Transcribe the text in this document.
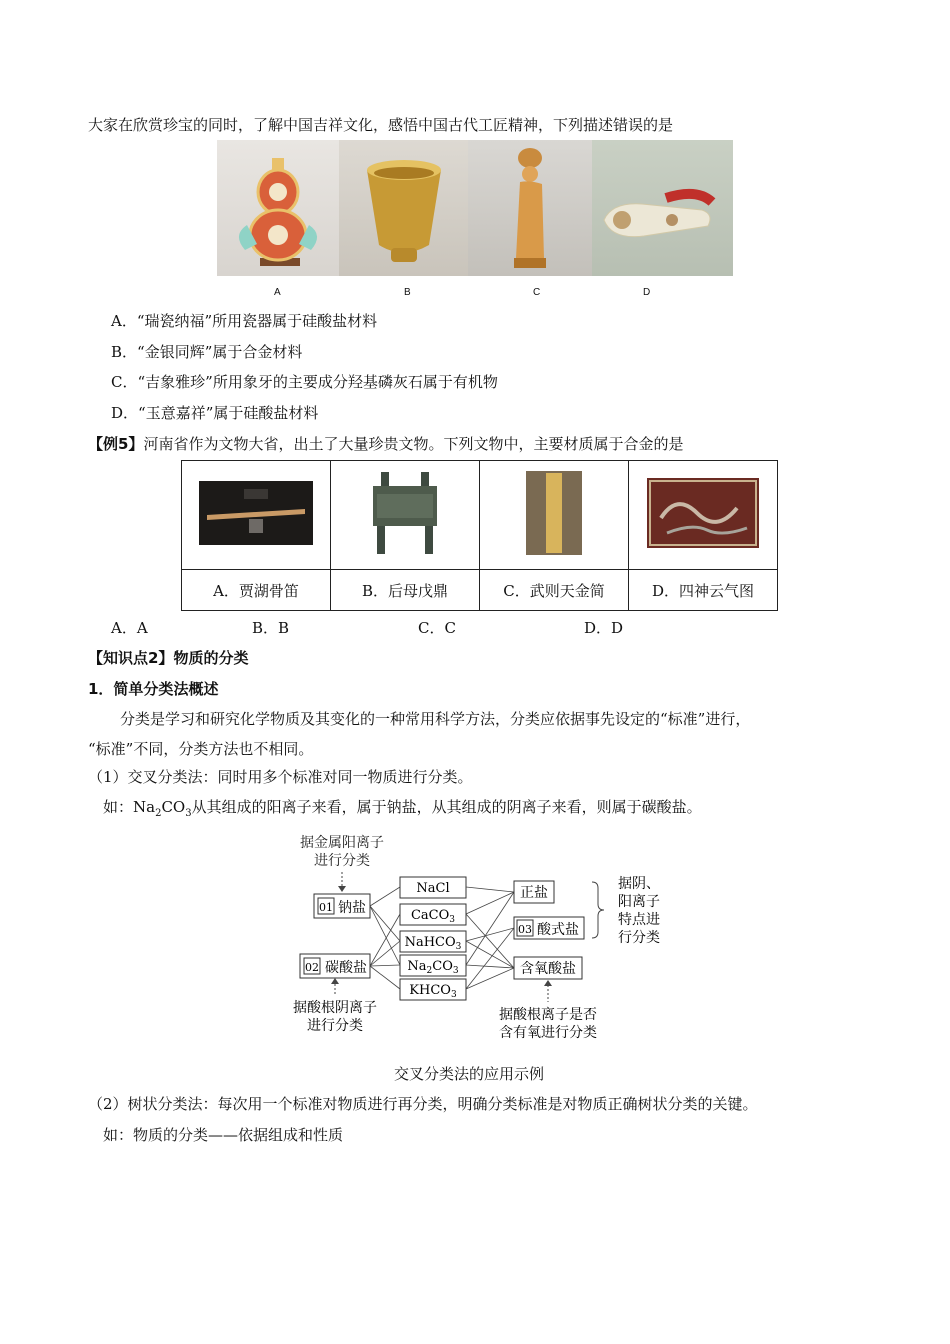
大家在欣赏珍宝的同时，了解中国吉祥文化，感悟中国古代工匠精神，下列描述错误的是
A	B	C	D
A．“瑞瓷纳福”所用瓷器属于硅酸盐材料
B．“金银同辉”属于合金材料
C．“吉象雅珍”所用象牙的主要成分羟基磷灰石属于有机物
D．“玉意嘉祥”属于硅酸盐材料
【例5】河南省作为文物大省，出土了大量珍贵文物。下列文物中，主要材质属于合金的是

A．贾湖骨笛	B．后母戊鼎	C．武则天金简	D．四神云气图
A．A	B．B	C．C	D．D
【知识点2】物质的分类
1．简单分类法概述
分类是学习和研究化学物质及其变化的一种常用科学方法，分类应依据事先设定的“标准”进行，
“标准”不同，分类方法也不相同。
（1）交叉分类法：同时用多个标准对同一物质进行分类。
如：$Na_2CO_3$从其组成的阳离子来看，属于钠盐，从其组成的阴离子来看，则属于碳酸盐。
据金属阳离子
进行分类
01 钠盐
02 碳酸盐
据酸根阴离子
进行分类
NaCl
CaCO$_3$
NaHCO$_3$
$Na_2CO_3$
$KHCO_3$
正盐
03 酸式盐
含氧酸盐
据阴、
阳离子
特点进
行分类
据酸根离子是否
含有氧进行分类
交叉分类法的应用示例
（2）树状分类法：每次用一个标准对物质进行再分类，明确分类标准是对物质正确树状分类的关键。
如：物质的分类——依据组成和性质
